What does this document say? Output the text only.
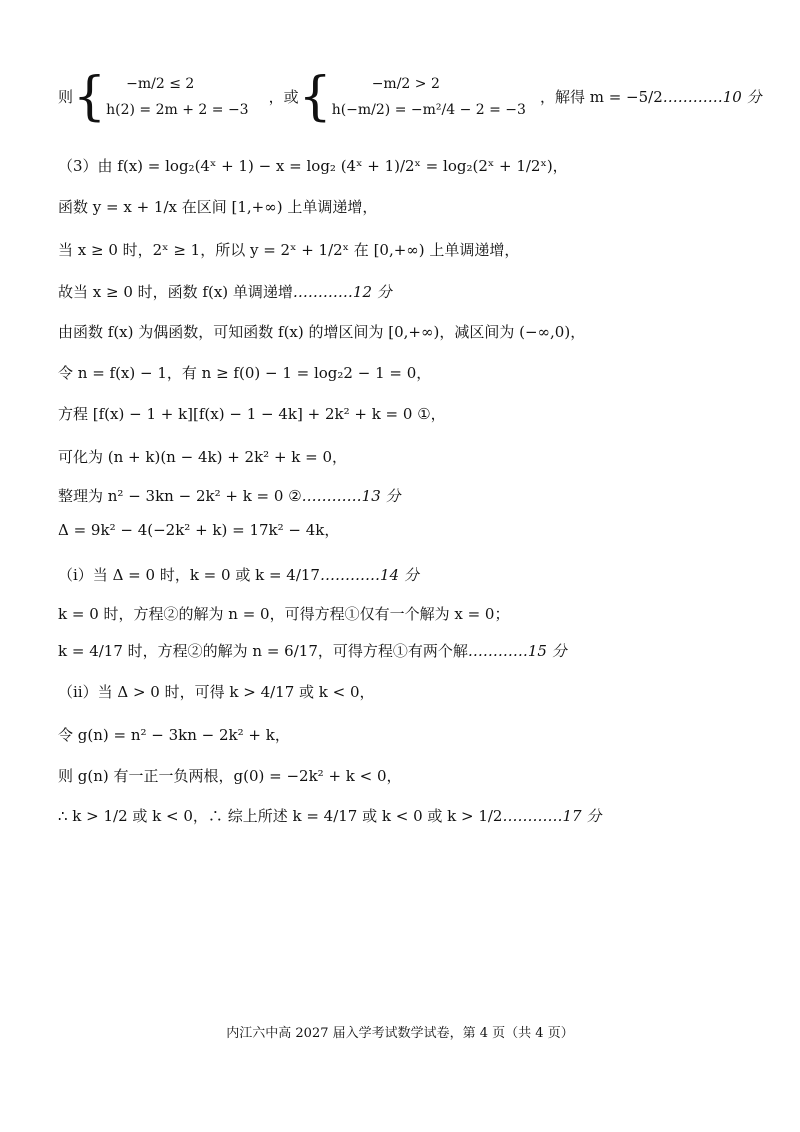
则 {	−m/2 ≤ 2
h(2) = 2m + 2 = −3
，或 {	−m/2 > 2
h(−m/2) = −m²/4 − 2 = −3
，解得 m = −5/2 …………10 分
（3）由 f(x) = log₂(4ˣ + 1) − x = log₂ (4ˣ + 1)/2ˣ = log₂(2ˣ + 1/2ˣ)，
函数 y = x + 1/x 在区间 [1,+∞) 上单调递增，
当 x ≥ 0 时，2ˣ ≥ 1，所以 y = 2ˣ + 1/2ˣ 在 [0,+∞) 上单调递增，
故当 x ≥ 0 时，函数 f(x) 单调递增…………12 分
由函数 f(x) 为偶函数，可知函数 f(x) 的增区间为 [0,+∞)，减区间为 (−∞,0)，
令 n = f(x) − 1，有 n ≥ f(0) − 1 = log₂2 − 1 = 0，
方程 [f(x) − 1 + k][f(x) − 1 − 4k] + 2k² + k = 0 ①，
可化为 (n + k)(n − 4k) + 2k² + k = 0，
整理为 n² − 3kn − 2k² + k = 0 ②…………13 分
Δ = 9k² − 4(−2k² + k) = 17k² − 4k，
（ⅰ）当 Δ = 0 时，k = 0 或 k = 4/17…………14 分
k = 0 时，方程②的解为 n = 0，可得方程①仅有一个解为 x = 0；
k = 4/17 时，方程②的解为 n = 6/17，可得方程①有两个解…………15 分
（ⅱ）当 Δ > 0 时，可得 k > 4/17 或 k < 0，
令 g(n) = n² − 3kn − 2k² + k，
则 g(n) 有一正一负两根，g(0) = −2k² + k < 0，
∴ k > 1/2 或 k < 0，∴ 综上所述 k = 4/17 或 k < 0 或 k > 1/2…………17 分
内江六中高 2027 届入学考试数学试卷，第 4 页（共 4 页）
